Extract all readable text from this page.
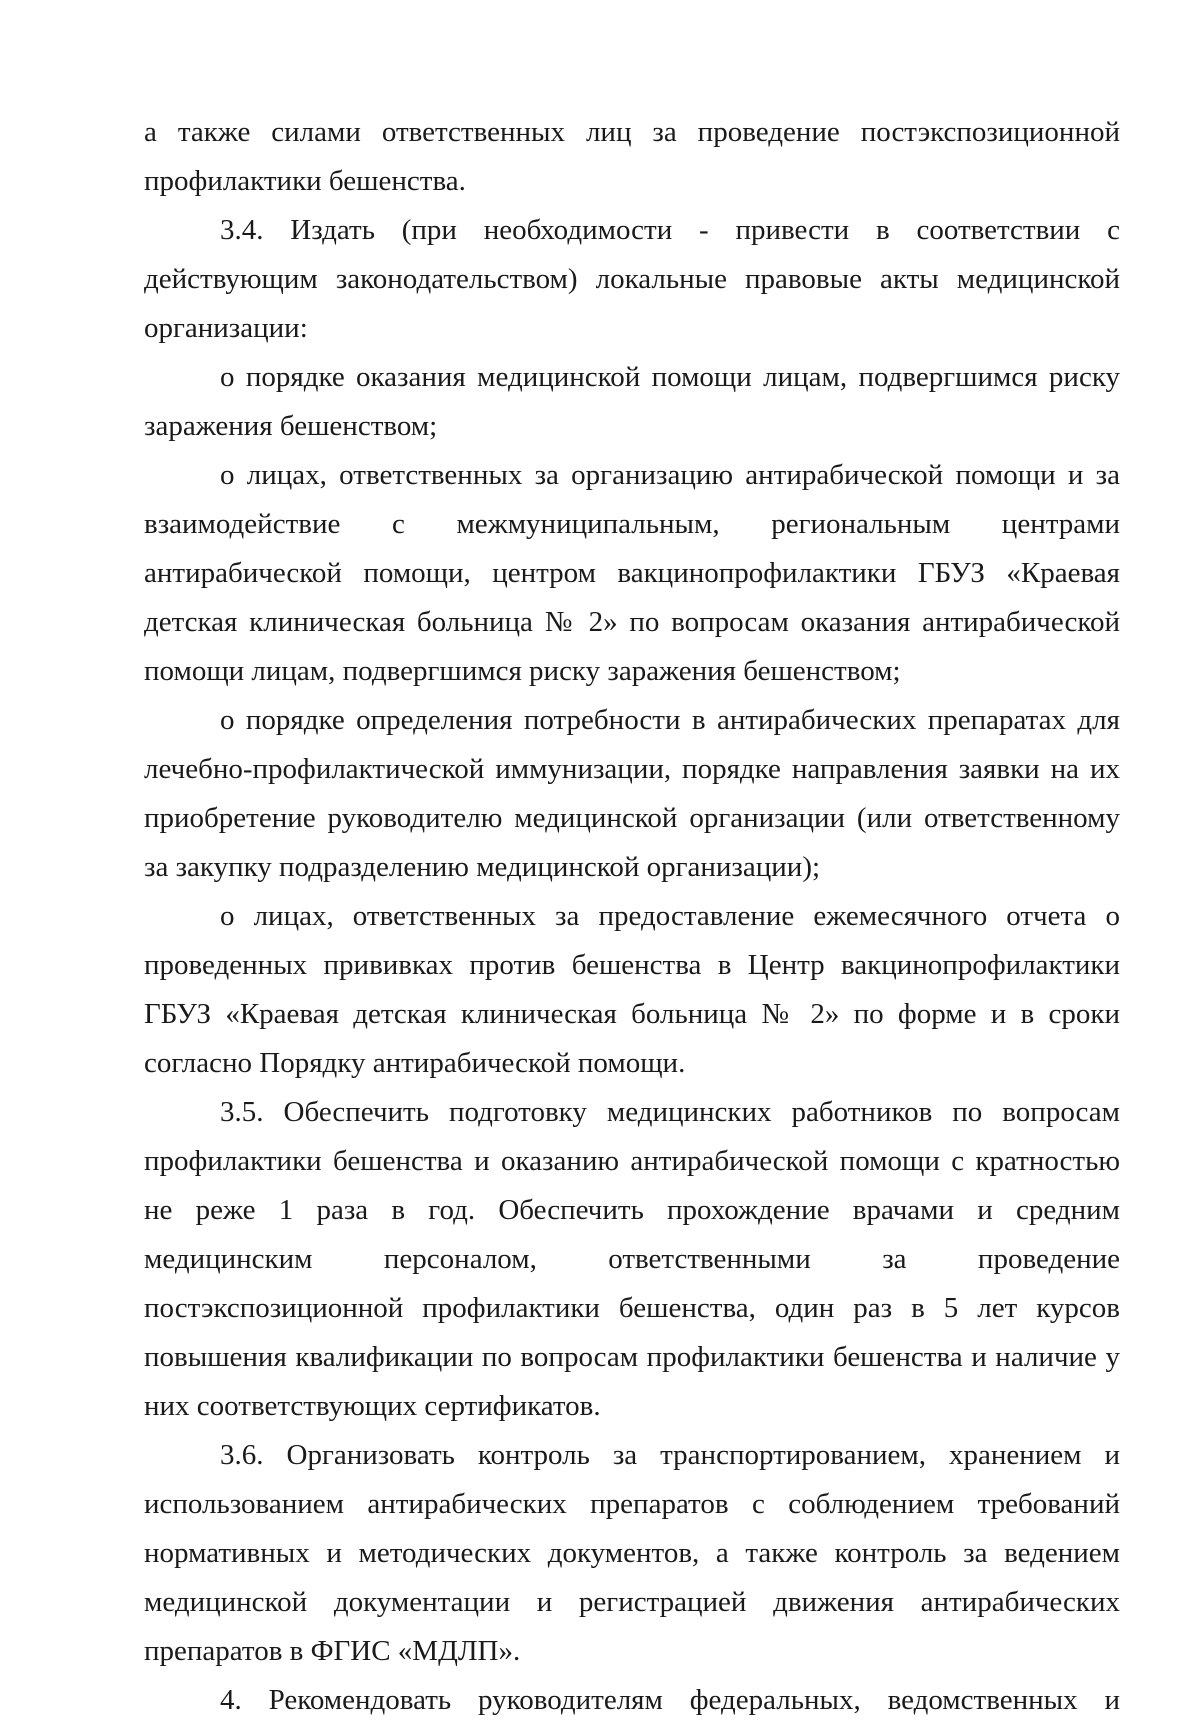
а также силами ответственных лиц за проведение постэкспозиционной профилактики бешенства.

3.4. Издать (при необходимости - привести в соответствии с действующим законодательством) локальные правовые акты медицинской организации:

о порядке оказания медицинской помощи лицам, подвергшимся риску заражения бешенством;

о лицах, ответственных за организацию антирабической помощи и за взаимодействие с межмуниципальным, региональным центрами антирабической помощи, центром вакцинопрофилактики ГБУЗ «Краевая детская клиническая больница № 2» по вопросам оказания антирабической помощи лицам, подвергшимся риску заражения бешенством;

о порядке определения потребности в антирабических препаратах для лечебно-профилактической иммунизации, порядке направления заявки на их приобретение руководителю медицинской организации (или ответственному за закупку подразделению медицинской организации);

о лицах, ответственных за предоставление ежемесячного отчета о проведенных прививках против бешенства в Центр вакцинопрофилактики ГБУЗ «Краевая детская клиническая больница № 2» по форме и в сроки согласно Порядку антирабической помощи.

3.5. Обеспечить подготовку медицинских работников по вопросам профилактики бешенства и оказанию антирабической помощи с кратностью не реже 1 раза в год. Обеспечить прохождение врачами и средним медицинским персоналом, ответственными за проведение постэкспозиционной профилактики бешенства, один раз в 5 лет курсов повышения квалификации по вопросам профилактики бешенства и наличие у них соответствующих сертификатов.

3.6. Организовать контроль за транспортированием, хранением и использованием антирабических препаратов с соблюдением требований нормативных и методических документов, а также контроль за ведением медицинской документации и регистрацией движения антирабических препаратов в ФГИС «МДЛП».

4. Рекомендовать руководителям федеральных, ведомственных и
